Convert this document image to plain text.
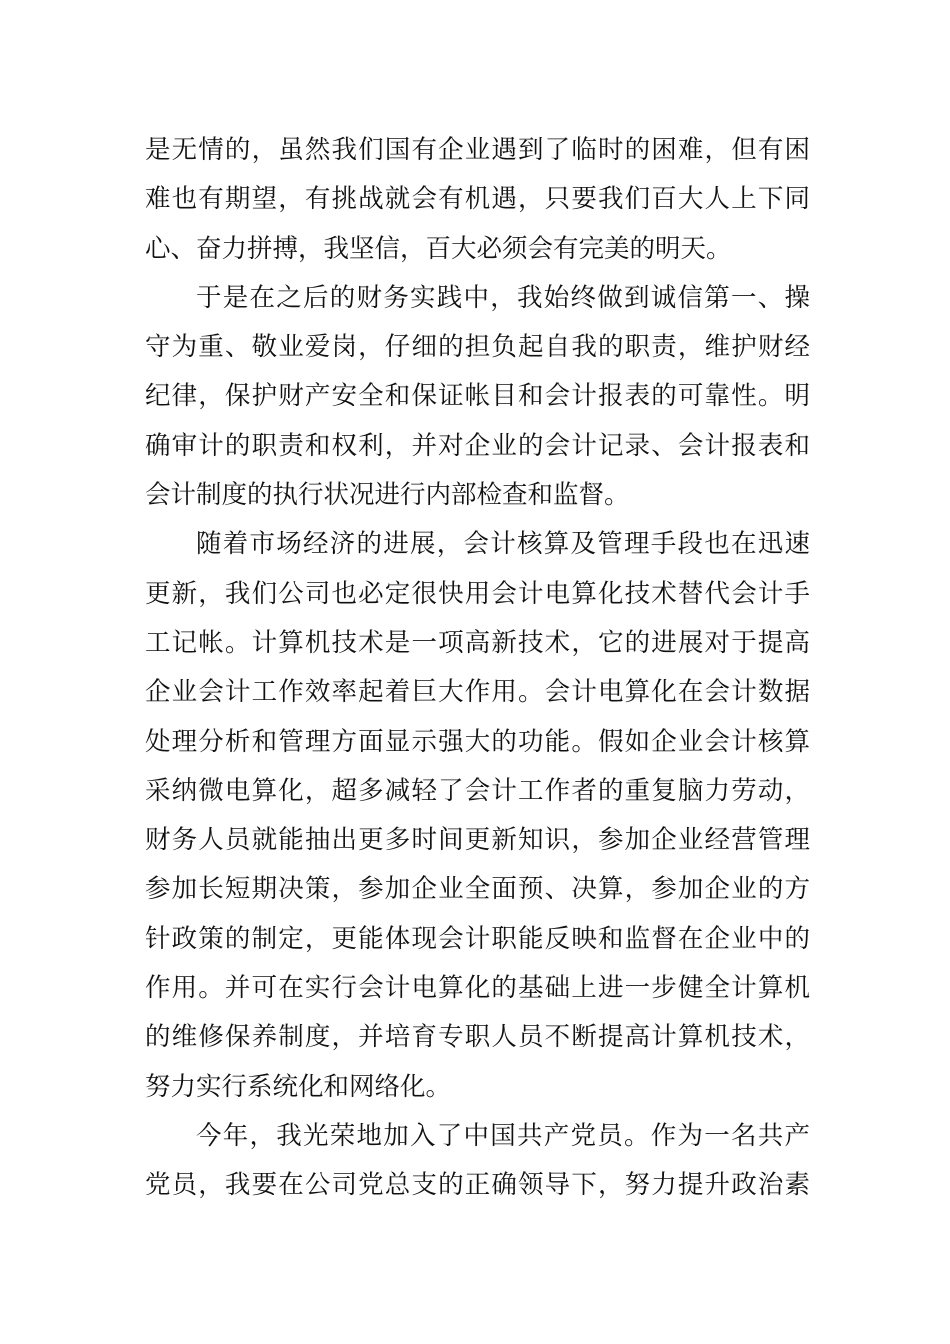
是无情的，虽然我们国有企业遇到了临时的困难，但有困
难也有期望，有挑战就会有机遇，只要我们百大人上下同
心、奋力拼搏，我坚信，百大必须会有完美的明天。
于是在之后的财务实践中，我始终做到诚信第一、操
守为重、敬业爱岗，仔细的担负起自我的职责，维护财经
纪律，保护财产安全和保证帐目和会计报表的可靠性。明
确审计的职责和权利，并对企业的会计记录、会计报表和
会计制度的执行状况进行内部检查和监督。
随着市场经济的进展，会计核算及管理手段也在迅速
更新，我们公司也必定很快用会计电算化技术替代会计手
工记帐。计算机技术是一项高新技术，它的进展对于提高
企业会计工作效率起着巨大作用。会计电算化在会计数据
处理分析和管理方面显示强大的功能。假如企业会计核算
采纳微电算化，超多减轻了会计工作者的重复脑力劳动，
财务人员就能抽出更多时间更新知识，参加企业经营管理
参加长短期决策，参加企业全面预、决算，参加企业的方
针政策的制定，更能体现会计职能反映和监督在企业中的
作用。并可在实行会计电算化的基础上进一步健全计算机
的维修保养制度，并培育专职人员不断提高计算机技术，
努力实行系统化和网络化。
今年，我光荣地加入了中国共产党员。作为一名共产
党员，我要在公司党总支的正确领导下，努力提升政治素
